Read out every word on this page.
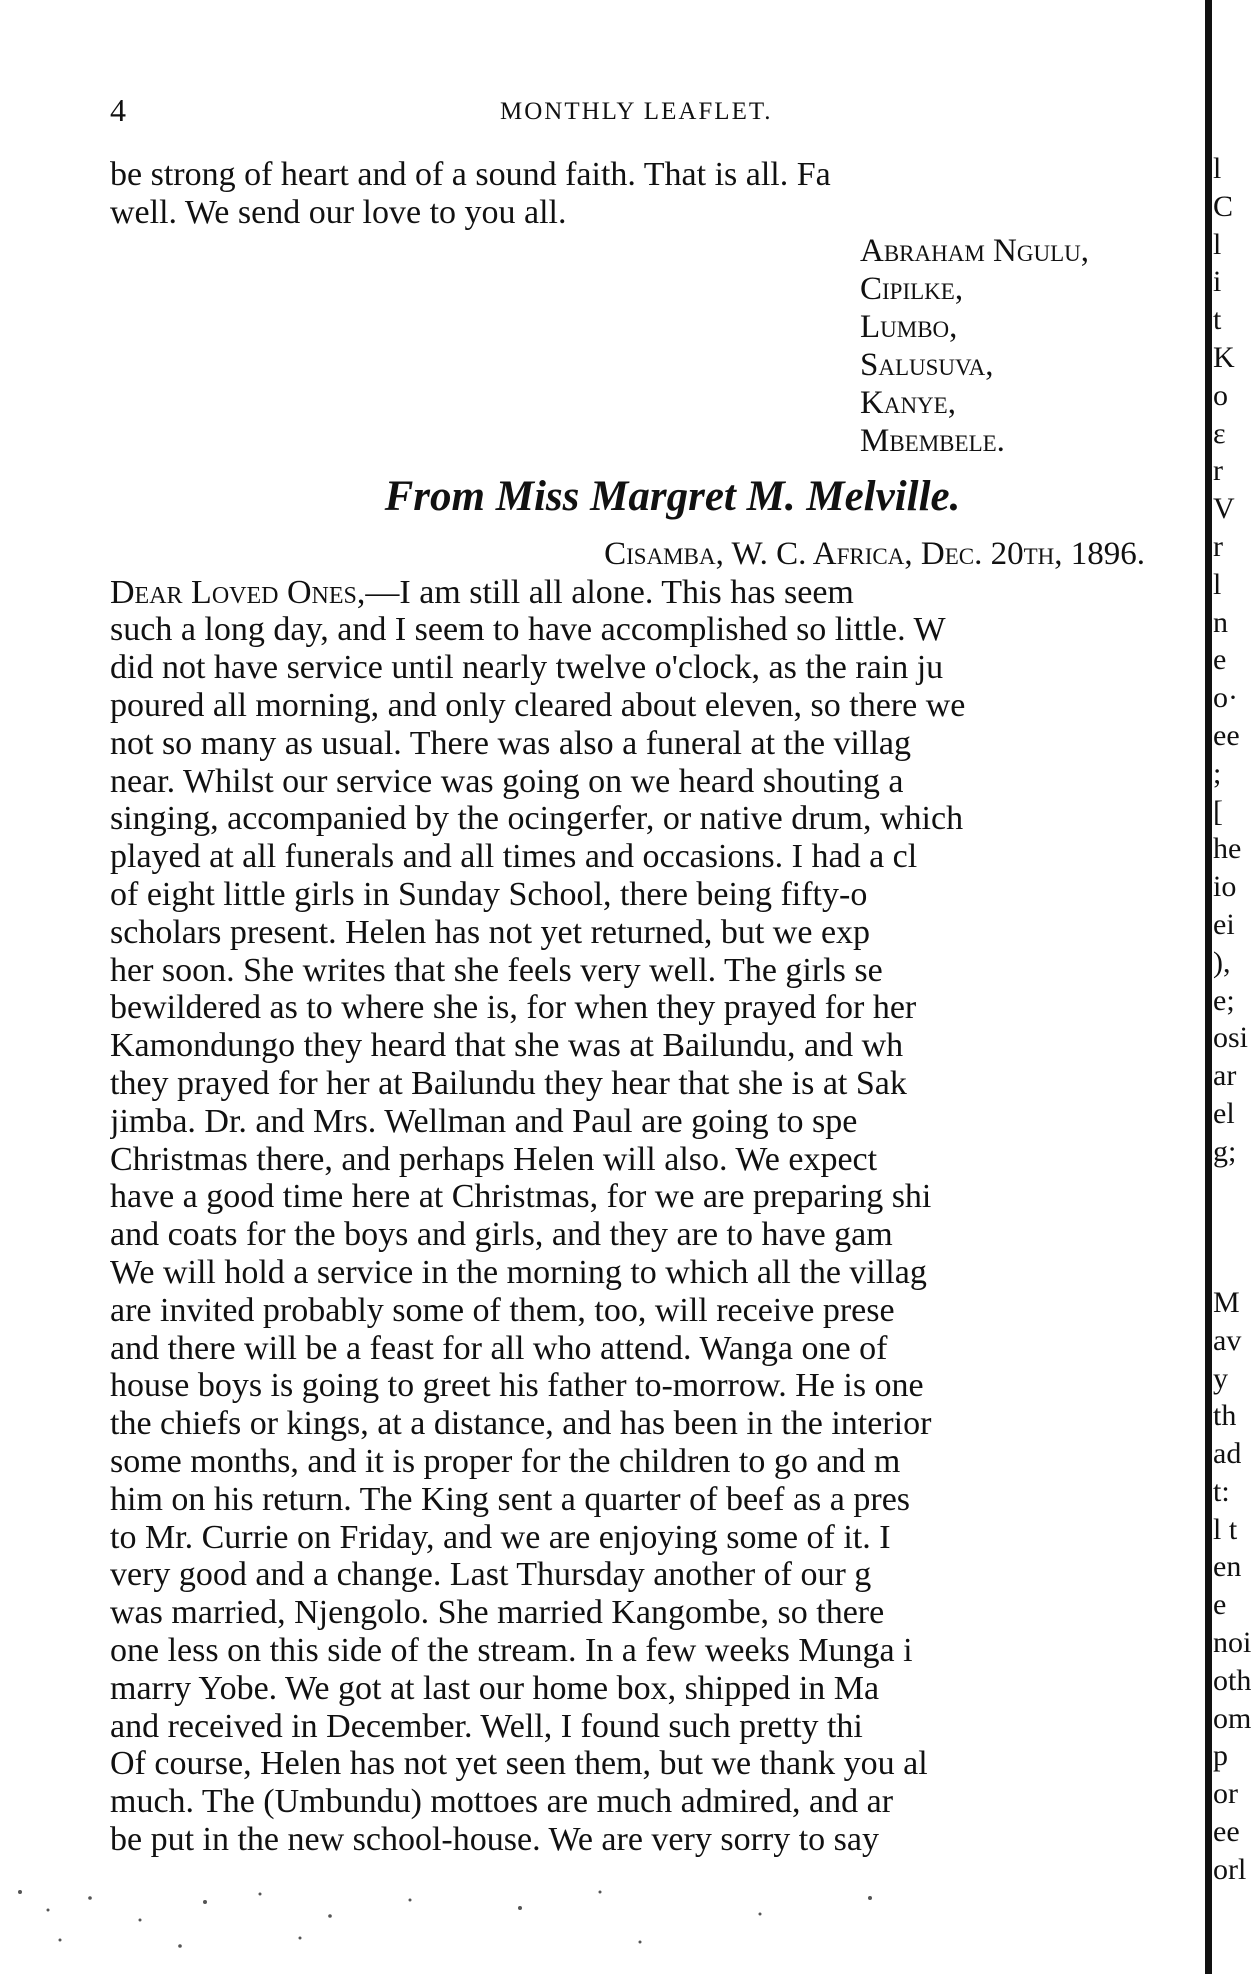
4	MONTHLY LEAFLET.
be strong of heart and of a sound faith. That is all. Fa
well. We send our love to you all.
Abraham Ngulu,
Cipilke,
Lumbo,
Salusuva,
Kanye,
Mbembele.
From Miss Margret M. Melville.
Cisamba, W. C. Africa, Dec. 20th, 1896.
Dear Loved Ones,—I am still all alone. This has seem
such a long day, and I seem to have accomplished so little. W
did not have service until nearly twelve o'clock, as the rain ju
poured all morning, and only cleared about eleven, so there we
not so many as usual. There was also a funeral at the villag
near. Whilst our service was going on we heard shouting a
singing, accompanied by the ocingerfer, or native drum, which
played at all funerals and all times and occasions. I had a cl
of eight little girls in Sunday School, there being fifty-o
scholars present. Helen has not yet returned, but we exp
her soon. She writes that she feels very well. The girls se
bewildered as to where she is, for when they prayed for her
Kamondungo they heard that she was at Bailundu, and wh
they prayed for her at Bailundu they hear that she is at Sak
jimba. Dr. and Mrs. Wellman and Paul are going to spe
Christmas there, and perhaps Helen will also. We expect
have a good time here at Christmas, for we are preparing shi
and coats for the boys and girls, and they are to have gam
We will hold a service in the morning to which all the villag
are invited probably some of them, too, will receive prese
and there will be a feast for all who attend. Wanga one of
house boys is going to greet his father to-morrow. He is one
the chiefs or kings, at a distance, and has been in the interior
some months, and it is proper for the children to go and m
him on his return. The King sent a quarter of beef as a pres
to Mr. Currie on Friday, and we are enjoying some of it. I
very good and a change. Last Thursday another of our g
was married, Njengolo. She married Kangombe, so there
one less on this side of the stream. In a few weeks Munga i
marry Yobe. We got at last our home box, shipped in Ma
and received in December. Well, I found such pretty thi
Of course, Helen has not yet seen them, but we thank you al
much. The (Umbundu) mottoes are much admired, and ar
be put in the new school-house. We are very sorry to say
l
C
l
i
t
K
o
ε
r
V
r
l
n
e
o·
ee
;
[
he
io
ei
),
e;
osi
ar
el
g;
M
av
y
th
ad
t:
l t
en
e
noi
oth
om
p
or
ee
orl
